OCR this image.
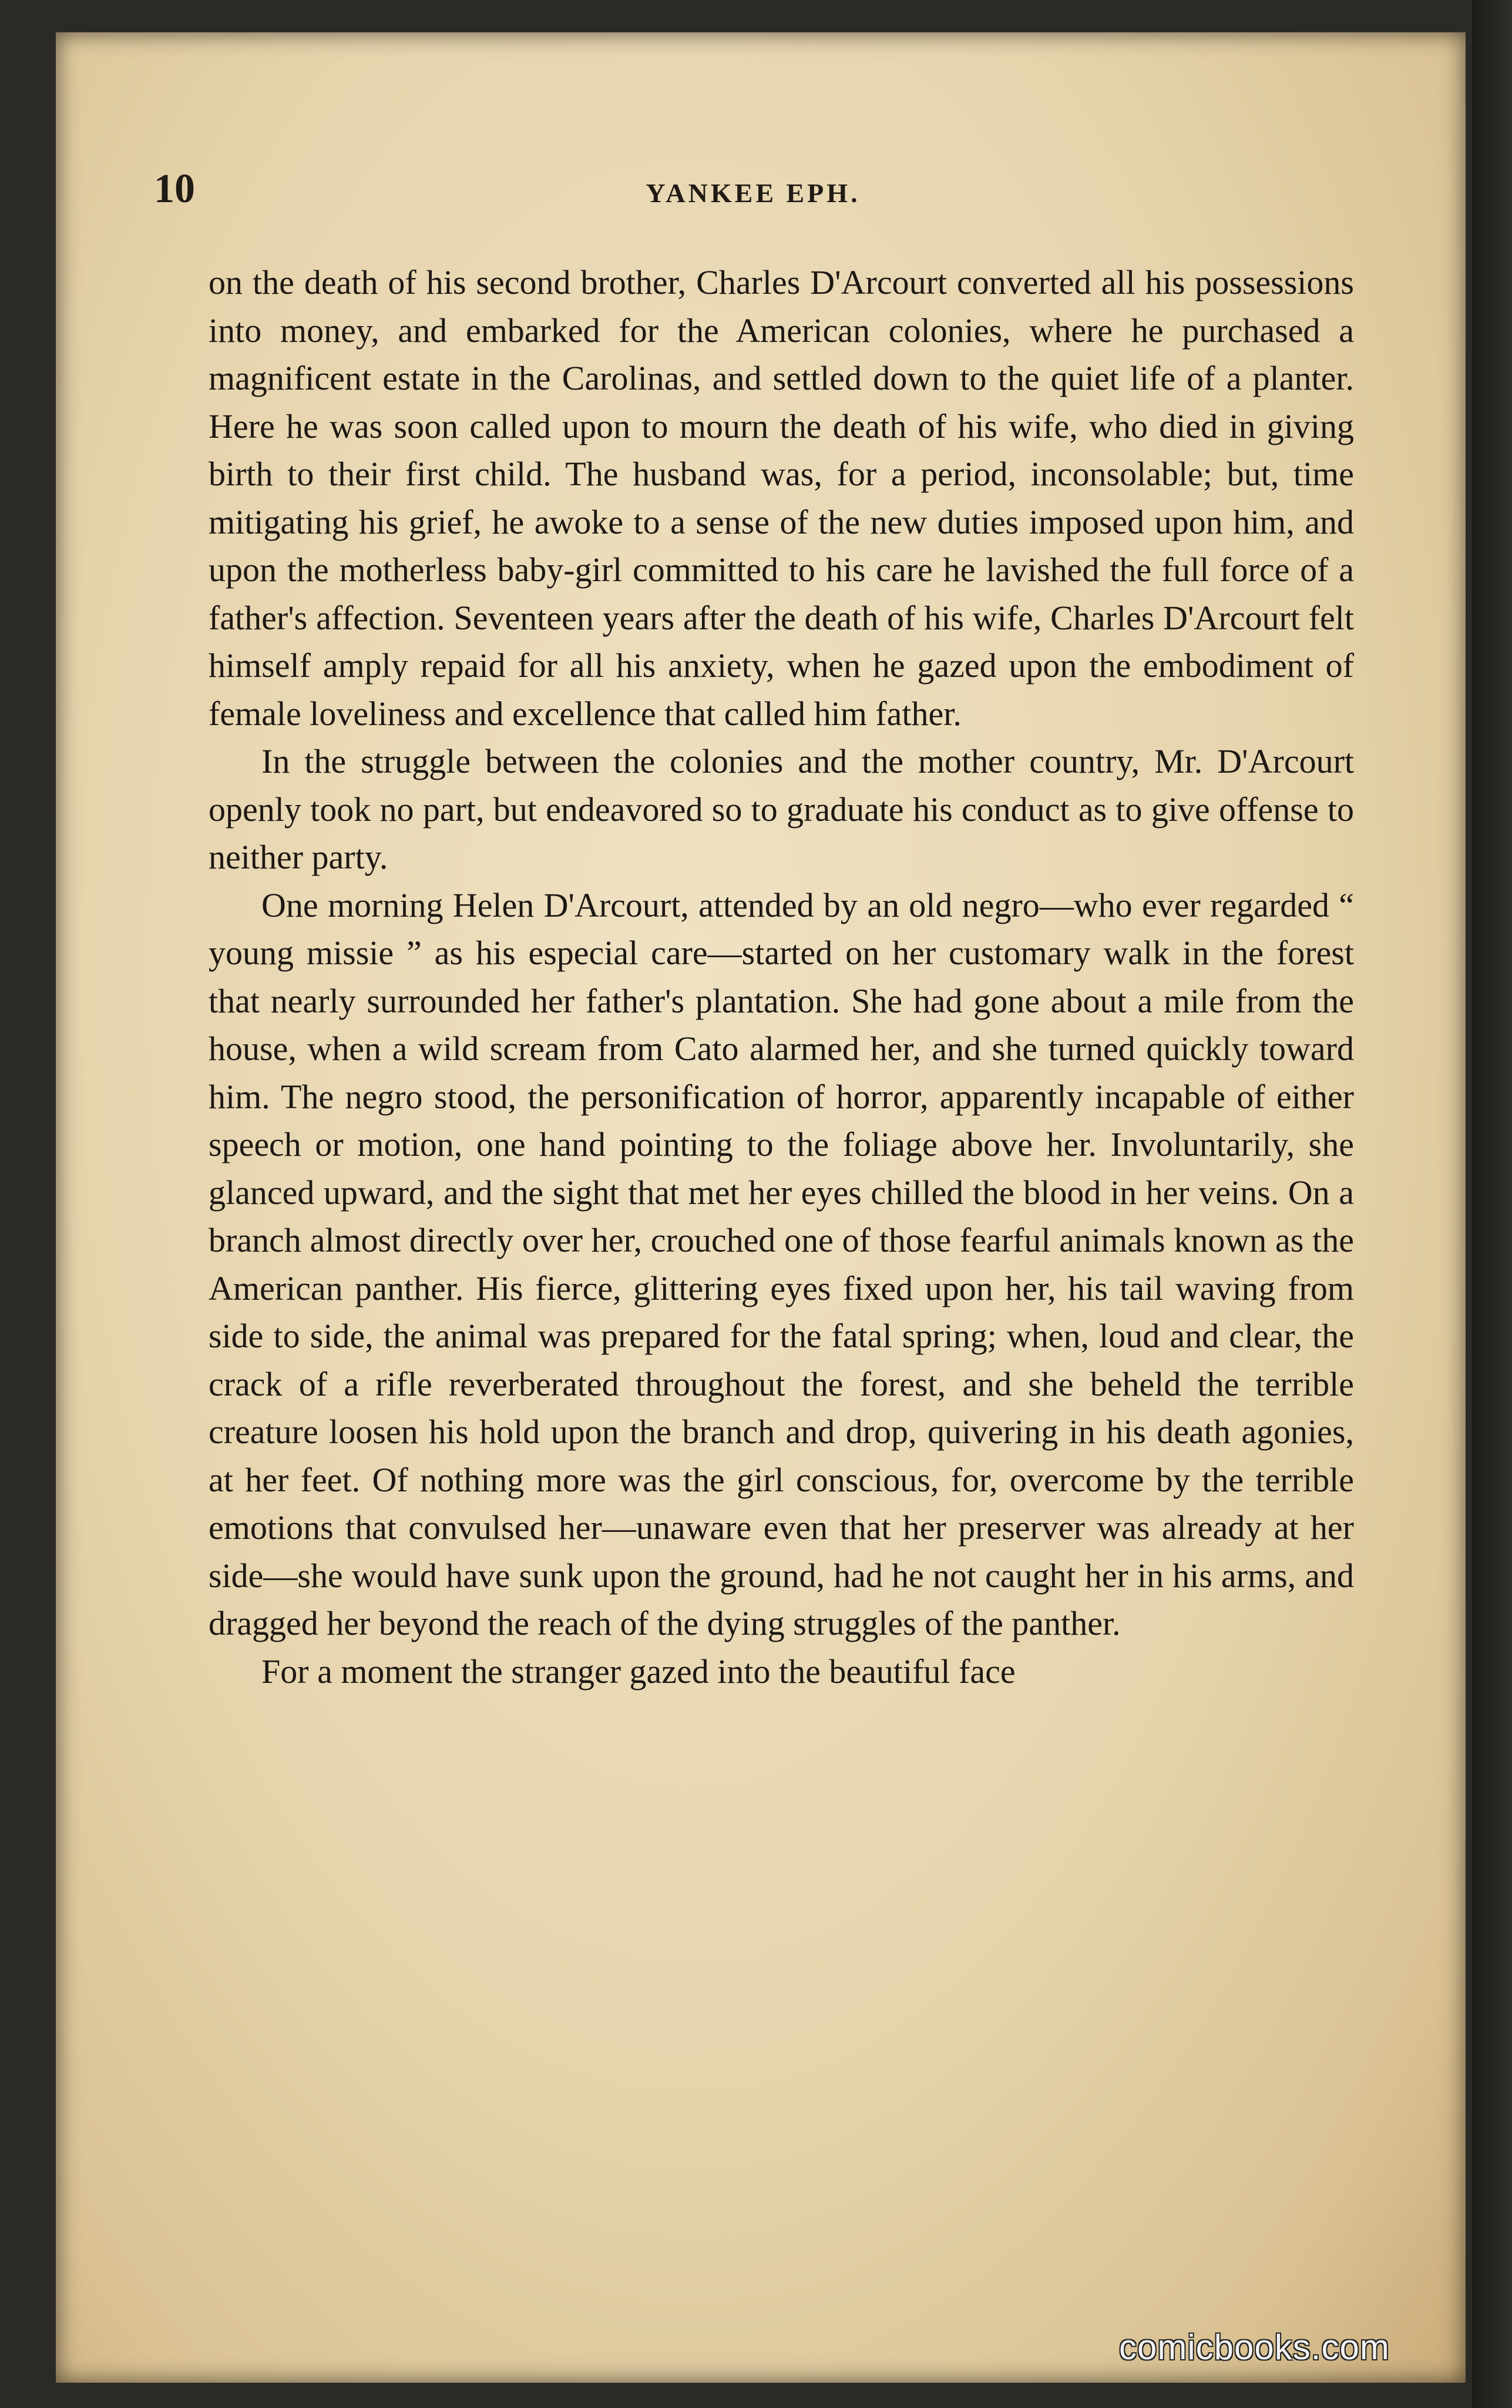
10	YANKEE EPH.

on the death of his second brother, Charles D'Arcourt converted all his possessions into money, and embarked for the American colonies, where he purchased a magnificent estate in the Carolinas, and settled down to the quiet life of a planter. Here he was soon called upon to mourn the death of his wife, who died in giving birth to their first child. The husband was, for a period, inconsolable; but, time mitigating his grief, he awoke to a sense of the new duties imposed upon him, and upon the motherless baby-girl committed to his care he lavished the full force of a father's affection. Seventeen years after the death of his wife, Charles D'Arcourt felt himself amply repaid for all his anxiety, when he gazed upon the embodiment of female loveliness and excellence that called him father.

In the struggle between the colonies and the mother country, Mr. D'Arcourt openly took no part, but endeavored so to graduate his conduct as to give offense to neither party.

One morning Helen D'Arcourt, attended by an old negro—who ever regarded “ young missie ” as his especial care—started on her customary walk in the forest that nearly surrounded her father's plantation. She had gone about a mile from the house, when a wild scream from Cato alarmed her, and she turned quickly toward him. The negro stood, the personification of horror, apparently incapable of either speech or motion, one hand pointing to the foliage above her. Involuntarily, she glanced upward, and the sight that met her eyes chilled the blood in her veins. On a branch almost directly over her, crouched one of those fearful animals known as the American panther. His fierce, glittering eyes fixed upon her, his tail waving from side to side, the animal was prepared for the fatal spring; when, loud and clear, the crack of a rifle reverberated throughout the forest, and she beheld the terrible creature loosen his hold upon the branch and drop, quivering in his death agonies, at her feet. Of nothing more was the girl conscious, for, overcome by the terrible emotions that convulsed her—unaware even that her preserver was already at her side—she would have sunk upon the ground, had he not caught her in his arms, and dragged her beyond the reach of the dying struggles of the panther.

For a moment the stranger gazed into the beautiful face

comicbooks.com
